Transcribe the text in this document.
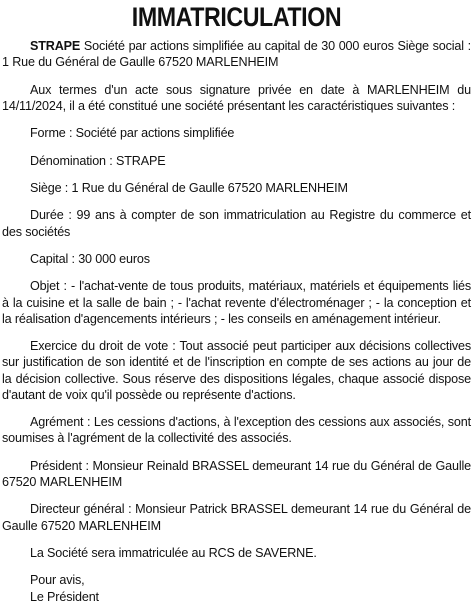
IMMATRICULATION

STRAPE Société par actions simplifiée au capital de 30 000 euros Siège social : 1 Rue du Général de Gaulle 67520 MARLENHEIM

Aux termes d'un acte sous signature privée en date à MARLENHEIM du 14/11/2024, il a été constitué une société présentant les caractéristiques suivantes :

Forme : Société par actions simplifiée

Dénomination : STRAPE

Siège : 1 Rue du Général de Gaulle 67520 MARLENHEIM

Durée : 99 ans à compter de son immatriculation au Registre du commerce et des sociétés

Capital : 30 000 euros

Objet : - l'achat-vente de tous produits, matériaux, matériels et équipements liés à la cuisine et la salle de bain ; - l'achat revente d'électroménager ; - la conception et la réalisation d'agencements intérieurs ; - les conseils en aménagement intérieur.

Exercice du droit de vote : Tout associé peut participer aux décisions collectives sur justification de son identité et de l'inscription en compte de ses actions au jour de la décision collective. Sous réserve des dispositions légales, chaque associé dispose d'autant de voix qu'il possède ou représente d'actions.

Agrément : Les cessions d'actions, à l'exception des cessions aux associés, sont soumises à l'agrément de la collectivité des associés.

Président : Monsieur Reinald BRASSEL demeurant 14 rue du Général de Gaulle 67520 MARLENHEIM

Directeur général : Monsieur Patrick BRASSEL demeurant 14 rue du Général de Gaulle 67520 MARLENHEIM

La Société sera immatriculée au RCS de SAVERNE.

Pour avis,
Le Président
